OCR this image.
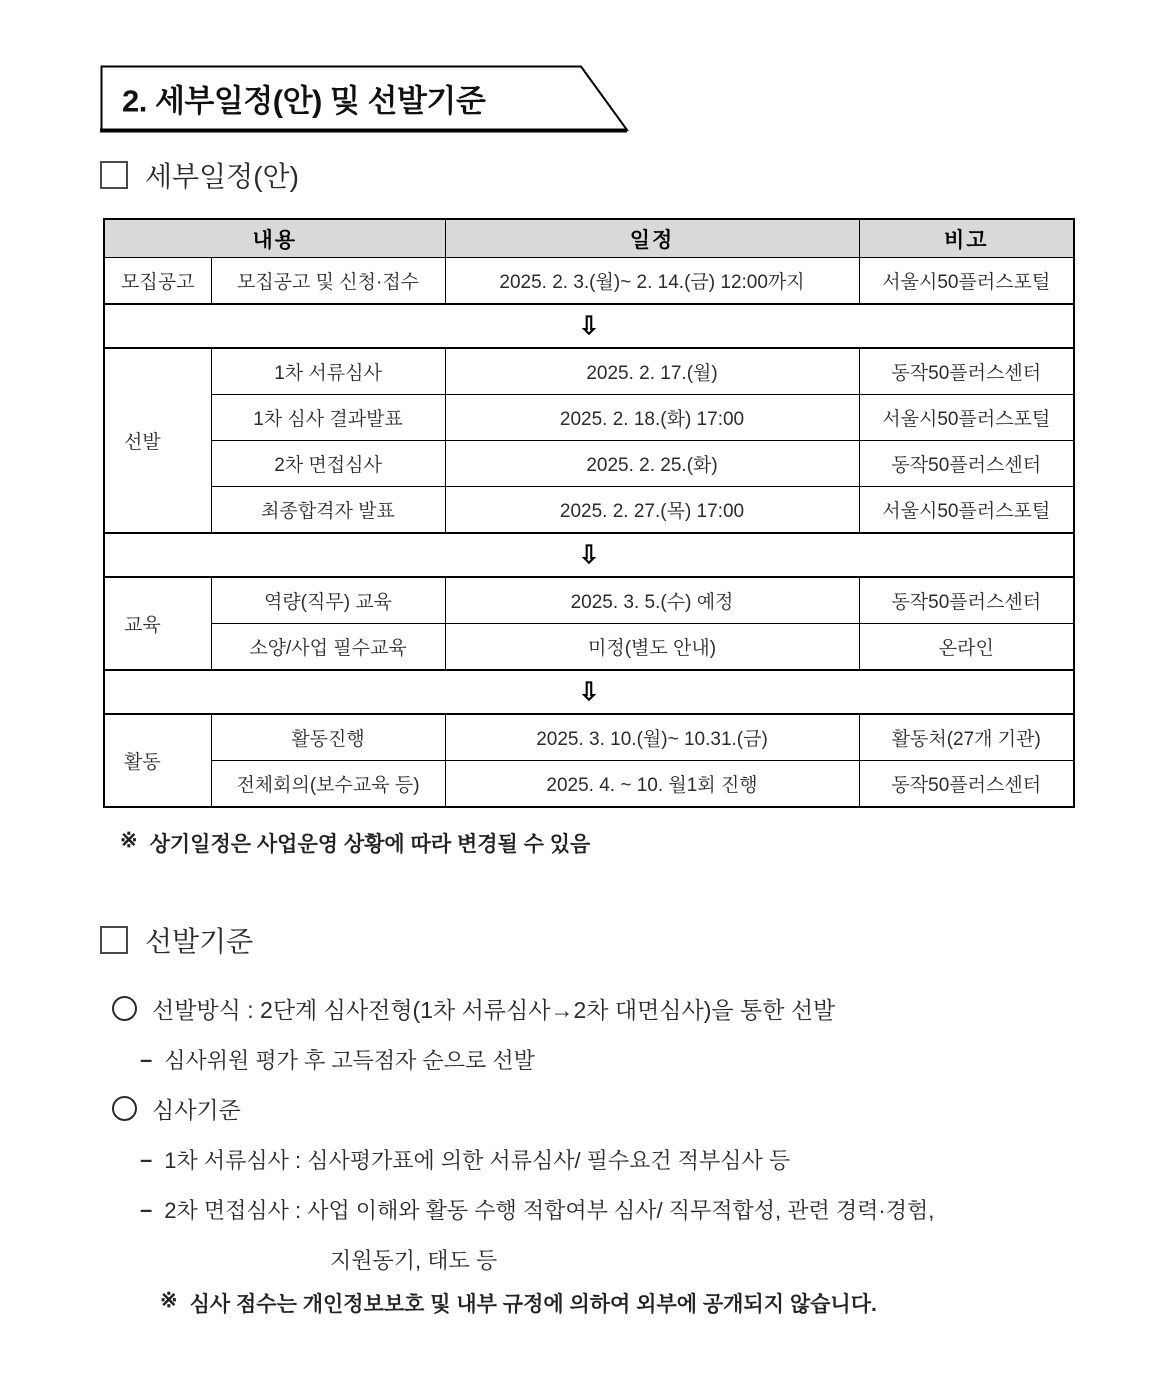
2. 세부일정(안) 및 선발기준
세부일정(안)
내용		일정	비고
모집공고	모집공고 및 신청·접수	2025. 2. 3.(월)~ 2. 14.(금) 12:00까지	서울시50플러스포털
⇩			

선발	1차 서류심사	2025. 2. 17.(월)	동작50플러스센터
	1차 심사 결과발표	2025. 2. 18.(화) 17:00	서울시50플러스포털
	2차 면접심사	2025. 2. 25.(화)	동작50플러스센터
	최종합격자 발표	2025. 2. 27.(목) 17:00	서울시50플러스포털
⇩			

교육	역량(직무) 교육	2025. 3. 5.(수) 예정	동작50플러스센터
	소양/사업 필수교육	미정(별도 안내)	온라인
⇩			

활동	활동진행	2025. 3. 10.(월)~ 10.31.(금)	활동처(27개 기관)
	전체회의(보수교육 등)	2025. 4. ~ 10. 월1회 진행	동작50플러스센터
※ 상기일정은 사업운영 상황에 따라 변경될 수 있음
선발기준
선발방식 : 2단계 심사전형(1차 서류심사→2차 대면심사)을 통한 선발
– 심사위원 평가 후 고득점자 순으로 선발
심사기준
– 1차 서류심사 : 심사평가표에 의한 서류심사/ 필수요건 적부심사 등
– 2차 면접심사 : 사업 이해와 활동 수행 적합여부 심사/ 직무적합성, 관련 경력·경험,
지원동기, 태도 등
※ 심사 점수는 개인정보보호 및 내부 규정에 의하여 외부에 공개되지 않습니다.
